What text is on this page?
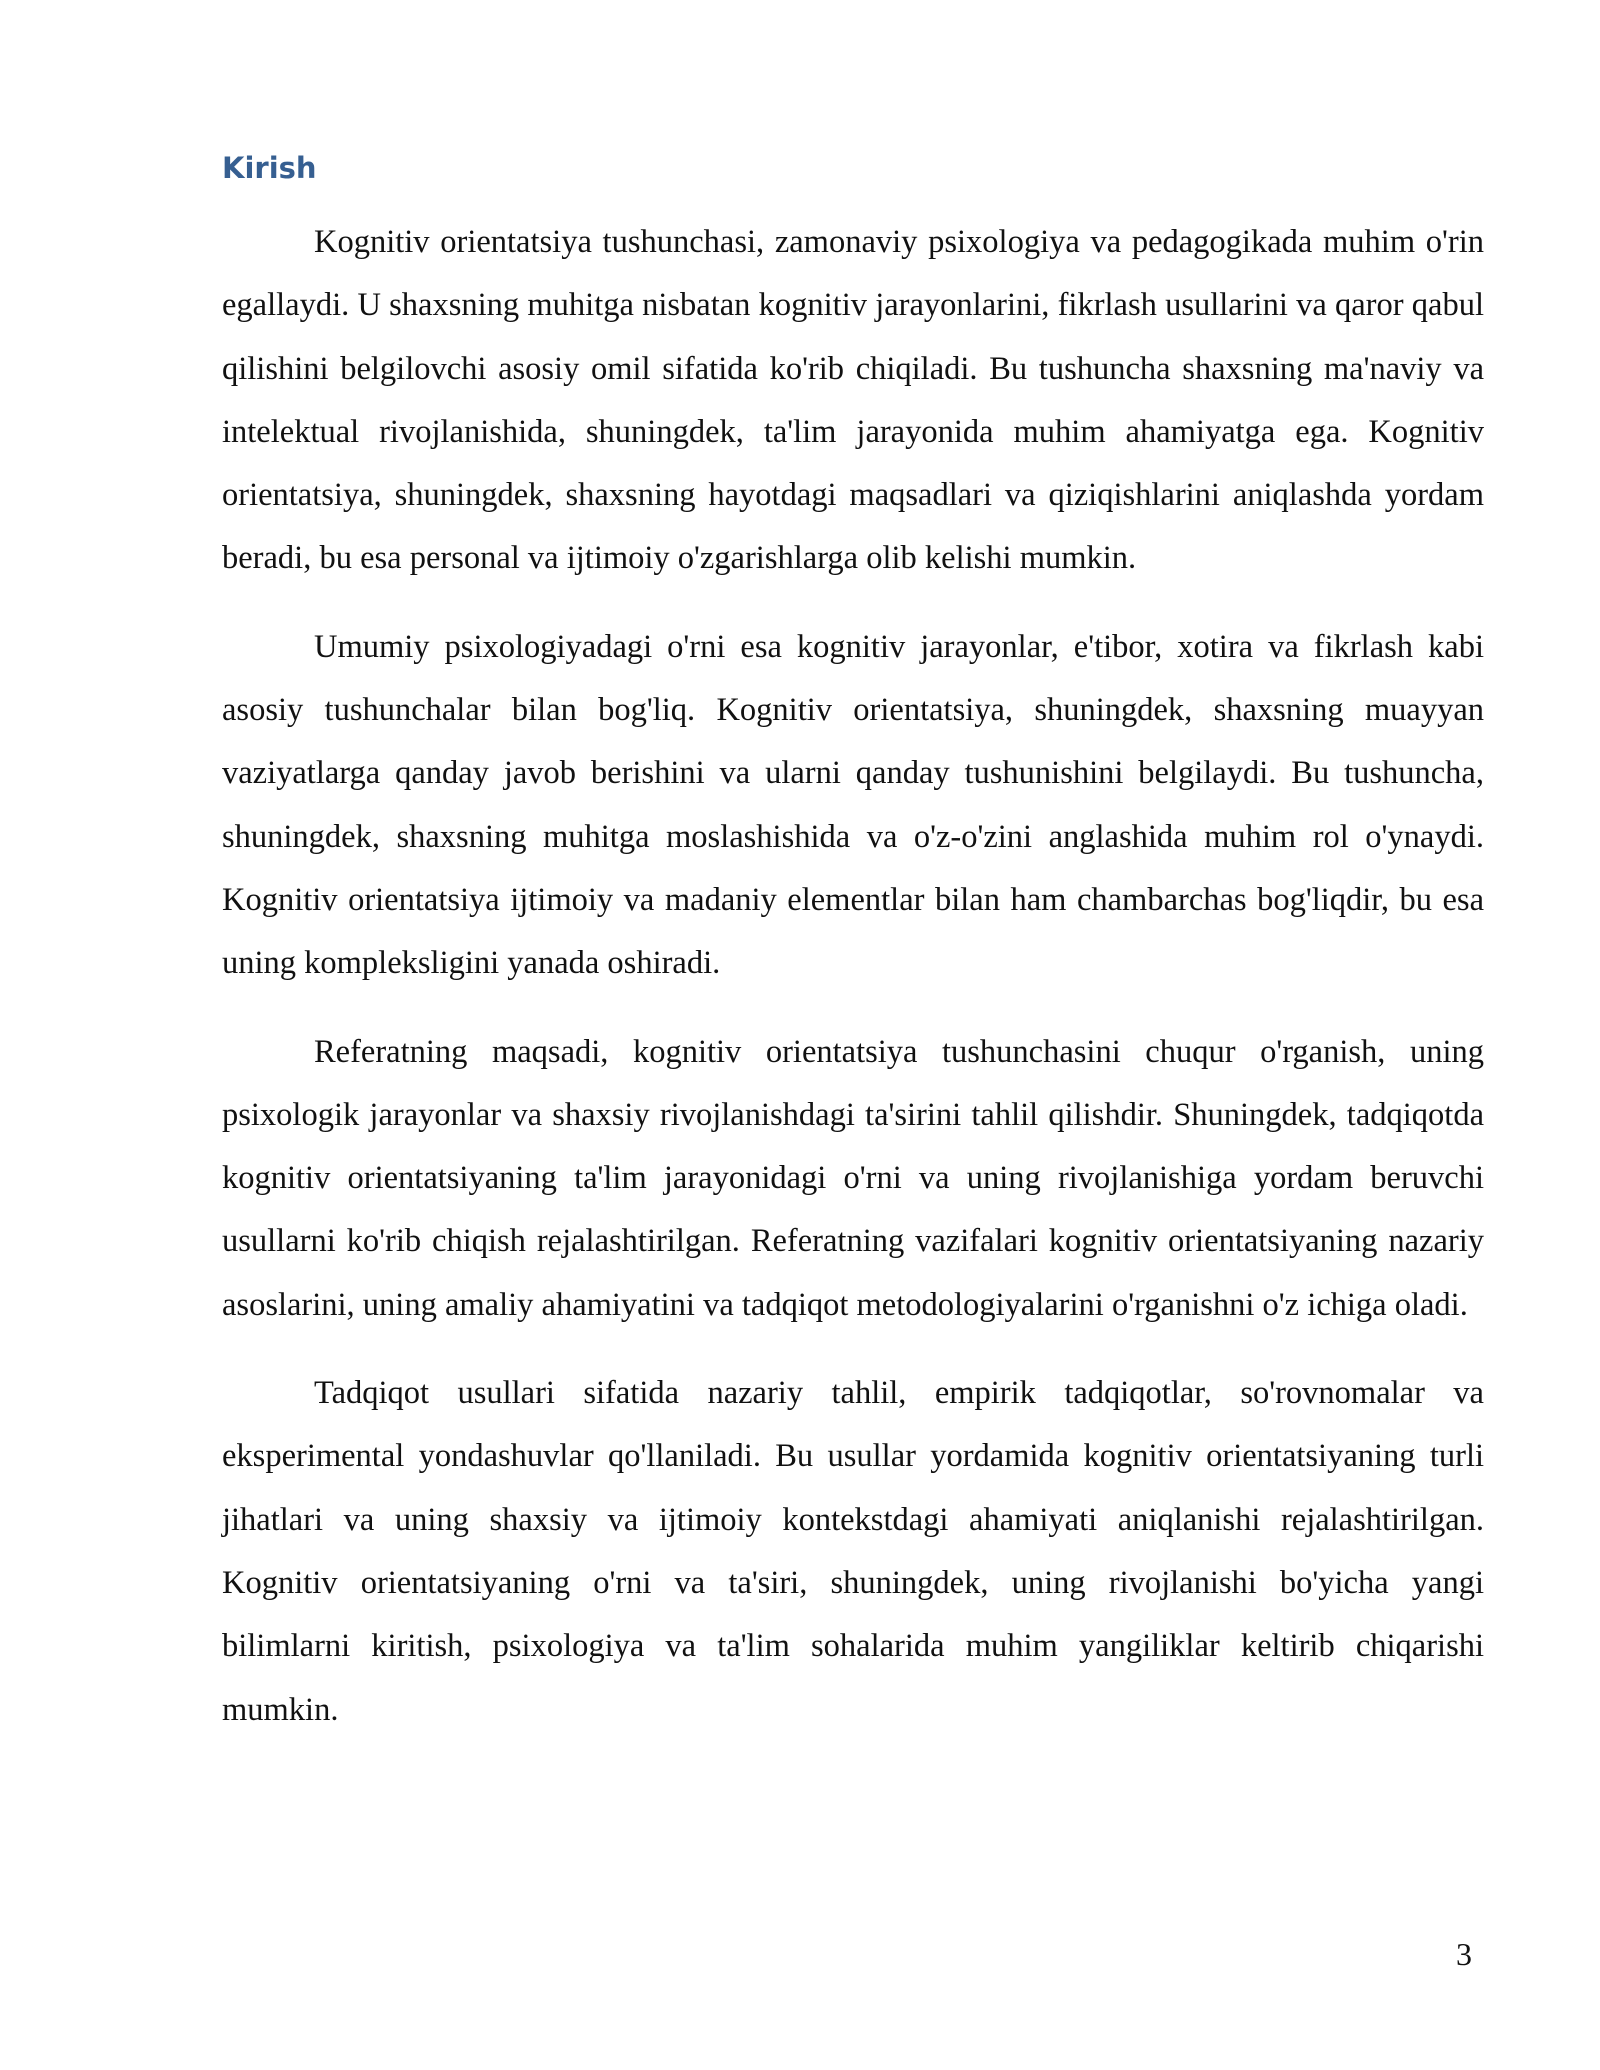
Kirish

Kognitiv orientatsiya tushunchasi, zamonaviy psixologiya va pedagogikada muhim o'rin egallaydi. U shaxsning muhitga nisbatan kognitiv jarayonlarini, fikrlash usullarini va qaror qabul qilishini belgilovchi asosiy omil sifatida ko'rib chiqiladi. Bu tushuncha shaxsning ma'naviy va intelektual rivojlanishida, shuningdek, ta'lim jarayonida muhim ahamiyatga ega. Kognitiv orientatsiya, shuningdek, shaxsning hayotdagi maqsadlari va qiziqishlarini aniqlashda yordam beradi, bu esa personal va ijtimoiy o'zgarishlarga olib kelishi mumkin.

Umumiy psixologiyadagi o'rni esa kognitiv jarayonlar, e'tibor, xotira va fikrlash kabi asosiy tushunchalar bilan bog'liq. Kognitiv orientatsiya, shuningdek, shaxsning muayyan vaziyatlarga qanday javob berishini va ularni qanday tushunishini belgilaydi. Bu tushuncha, shuningdek, shaxsning muhitga moslashishida va o'z-o'zini anglashida muhim rol o'ynaydi. Kognitiv orientatsiya ijtimoiy va madaniy elementlar bilan ham chambarchas bog'liqdir, bu esa uning kompleksligini yanada oshiradi.

Referatning maqsadi, kognitiv orientatsiya tushunchasini chuqur o'rganish, uning psixologik jarayonlar va shaxsiy rivojlanishdagi ta'sirini tahlil qilishdir. Shuningdek, tadqiqotda kognitiv orientatsiyaning ta'lim jarayonidagi o'rni va uning rivojlanishiga yordam beruvchi usullarni ko'rib chiqish rejalashtirilgan. Referatning vazifalari kognitiv orientatsiyaning nazariy asoslarini, uning amaliy ahamiyatini va tadqiqot metodologiyalarini o'rganishni o'z ichiga oladi.

Tadqiqot usullari sifatida nazariy tahlil, empirik tadqiqotlar, so'rovnomalar va eksperimental yondashuvlar qo'llaniladi. Bu usullar yordamida kognitiv orientatsiyaning turli jihatlari va uning shaxsiy va ijtimoiy kontekstdagi ahamiyati aniqlanishi rejalashtirilgan. Kognitiv orientatsiyaning o'rni va ta'siri, shuningdek, uning rivojlanishi bo'yicha yangi bilimlarni kiritish, psixologiya va ta'lim sohalarida muhim yangiliklar keltirib chiqarishi mumkin.

3
